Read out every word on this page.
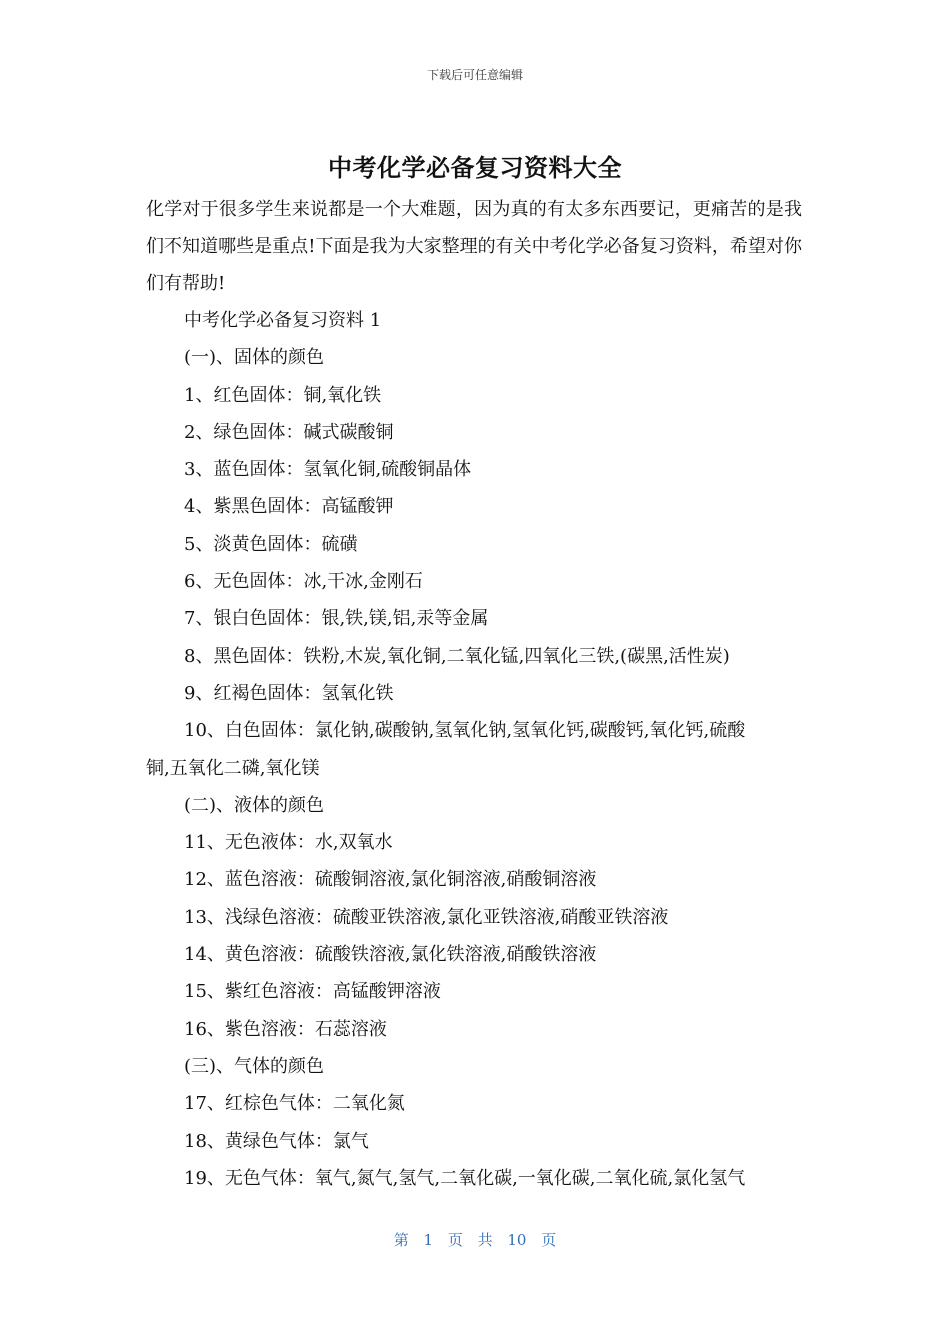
下载后可任意编辑
中考化学必备复习资料大全

化学对于很多学生来说都是一个大难题，因为真的有太多东西要记，更痛苦的是我们不知道哪些是重点!下面是我为大家整理的有关中考化学必备复习资料，希望对你们有帮助!

中考化学必备复习资料 1
(一)、固体的颜色
1、红色固体：铜,氧化铁
2、绿色固体：碱式碳酸铜
3、蓝色固体：氢氧化铜,硫酸铜晶体
4、紫黑色固体：高锰酸钾
5、淡黄色固体：硫磺
6、无色固体：冰,干冰,金刚石
7、银白色固体：银,铁,镁,铝,汞等金属
8、黑色固体：铁粉,木炭,氧化铜,二氧化锰,四氧化三铁,(碳黑,活性炭)
9、红褐色固体：氢氧化铁
10、白色固体：氯化钠,碳酸钠,氢氧化钠,氢氧化钙,碳酸钙,氧化钙,硫酸
铜,五氧化二磷,氧化镁
(二)、液体的颜色
11、无色液体：水,双氧水
12、蓝色溶液：硫酸铜溶液,氯化铜溶液,硝酸铜溶液
13、浅绿色溶液：硫酸亚铁溶液,氯化亚铁溶液,硝酸亚铁溶液
14、黄色溶液：硫酸铁溶液,氯化铁溶液,硝酸铁溶液
15、紫红色溶液：高锰酸钾溶液
16、紫色溶液：石蕊溶液
(三)、气体的颜色
17、红棕色气体：二氧化氮
18、黄绿色气体：氯气
19、无色气体：氧气,氮气,氢气,二氧化碳,一氧化碳,二氧化硫,氯化氢气
第 1 页 共 10 页
